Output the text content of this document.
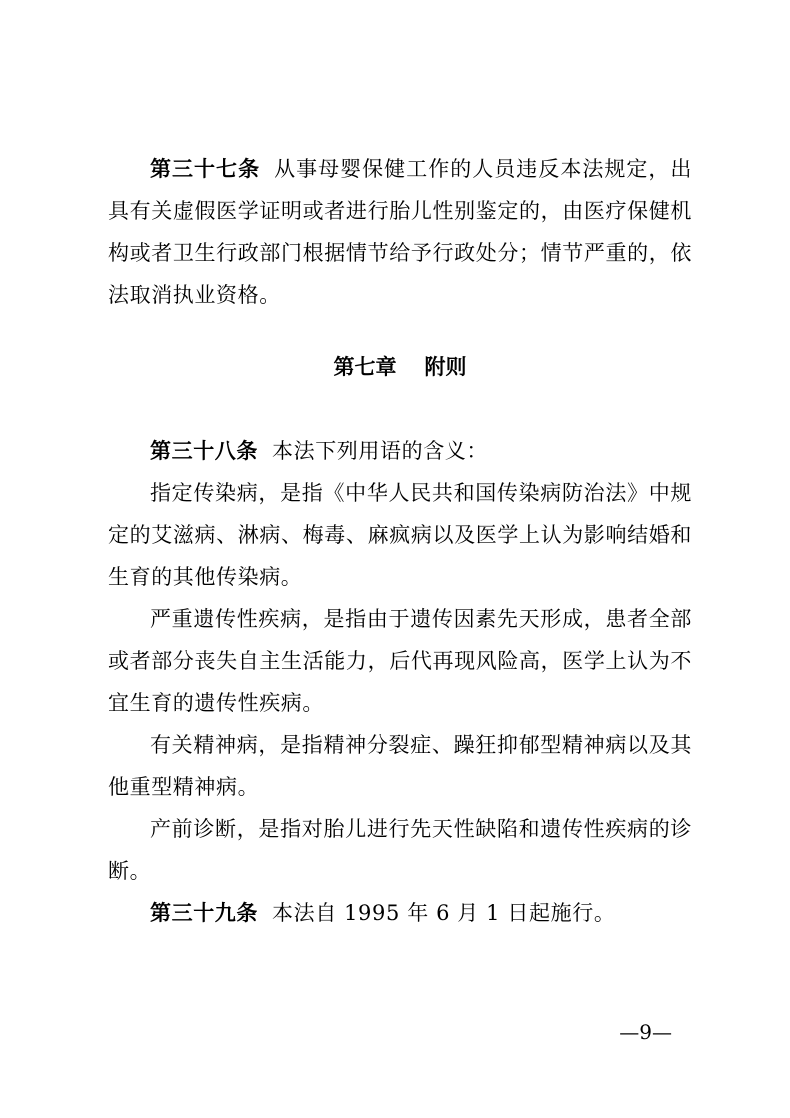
第三十七条 从事母婴保健工作的人员违反本法规定，出具有关虚假医学证明或者进行胎儿性别鉴定的，由医疗保健机构或者卫生行政部门根据情节给予行政处分；情节严重的，依法取消执业资格。

第七章 附则

第三十八条 本法下列用语的含义：

指定传染病，是指《中华人民共和国传染病防治法》中规定的艾滋病、淋病、梅毒、麻疯病以及医学上认为影响结婚和生育的其他传染病。

严重遗传性疾病，是指由于遗传因素先天形成，患者全部或者部分丧失自主生活能力，后代再现风险高，医学上认为不宜生育的遗传性疾病。

有关精神病，是指精神分裂症、躁狂抑郁型精神病以及其他重型精神病。

产前诊断，是指对胎儿进行先天性缺陷和遗传性疾病的诊断。

第三十九条 本法自 1995 年 6 月 1 日起施行。

—9—
